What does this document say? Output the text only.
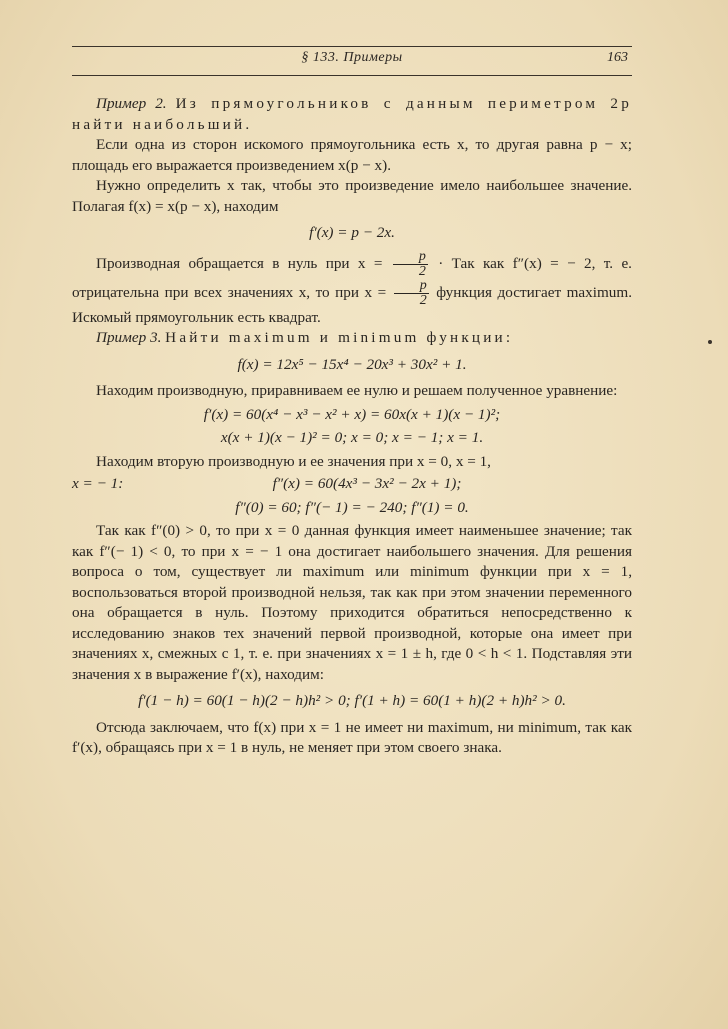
§ 133. Примеры	163

Пример 2. Из прямоугольников с данным периметром 2p найти наибольший.

Если одна из сторон искомого прямоугольника есть x, то другая равна p − x; площадь его выражается произведением x(p − x).

Нужно определить x так, чтобы это произведение имело наибольшее значение. Полагая f(x) = x(p − x), находим

f′(x) = p − 2x.

Производная обращается в нуль при $x = \frac{p}{2}$ · Так как f″(x) = − 2, т. е. отрицательна при всех значениях x, то при $x = \frac{p}{2}$ функция достигает maximum. Искомый прямоугольник есть квадрат.

Пример 3. Найти maximum и minimum функции:

f(x) = 12x⁵ − 15x⁴ − 20x³ + 30x² + 1.

Находим производную, приравниваем ее нулю и решаем полученное уравнение:

f′(x) = 60(x⁴ − x³ − x² + x) = 60x(x + 1)(x − 1)²;
x(x + 1)(x − 1)² = 0; x = 0; x = − 1; x = 1.

Находим вторую производную и ее значения при x = 0, x = 1,

x = − 1:	f″(x) = 60(4x³ − 3x² − 2x + 1);
f″(0) = 60; f″(− 1) = − 240; f″(1) = 0.

Так как f″(0) > 0, то при x = 0 данная функция имеет наименьшее значение; так как f″(− 1) < 0, то при x = − 1 она достигает наибольшего значения. Для решения вопроса о том, существует ли maximum или minimum функции при x = 1, воспользоваться второй производной нельзя, так как при этом значении переменного она обращается в нуль. Поэтому приходится обратиться непосредственно к исследованию знаков тех значений первой производной, которые она имеет при значениях x, смежных с 1, т. е. при значениях x = 1 ± h, где 0 < h < 1. Подставляя эти значения x в выражение f′(x), находим:

f′(1 − h) = 60(1 − h)(2 − h)h² > 0; f′(1 + h) = 60(1 + h)(2 + h)h² > 0.

Отсюда заключаем, что f(x) при x = 1 не имеет ни maximum, ни minimum, так как f′(x), обращаясь при x = 1 в нуль, не меняет при этом своего знака.
